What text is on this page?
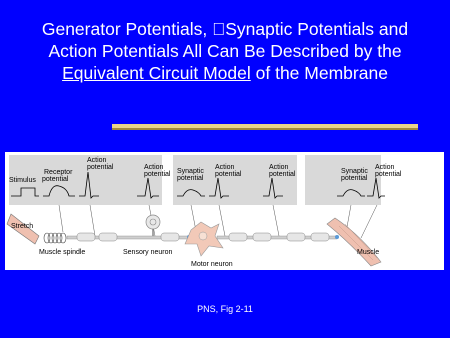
Generator Potentials, Synaptic Potentials and
Action Potentials All Can Be Described by the
Equivalent Circuit Model of the Membrane
Stimulus
Receptor
potential
Action
potential	Action
potential Synaptic
potential
Action
potential
Action
potential	Synaptic
potential
Action
potential
Stretch
Muscle spindle	Sensory neuron
Motor neuron
Muscle
PNS, Fig 2-11
